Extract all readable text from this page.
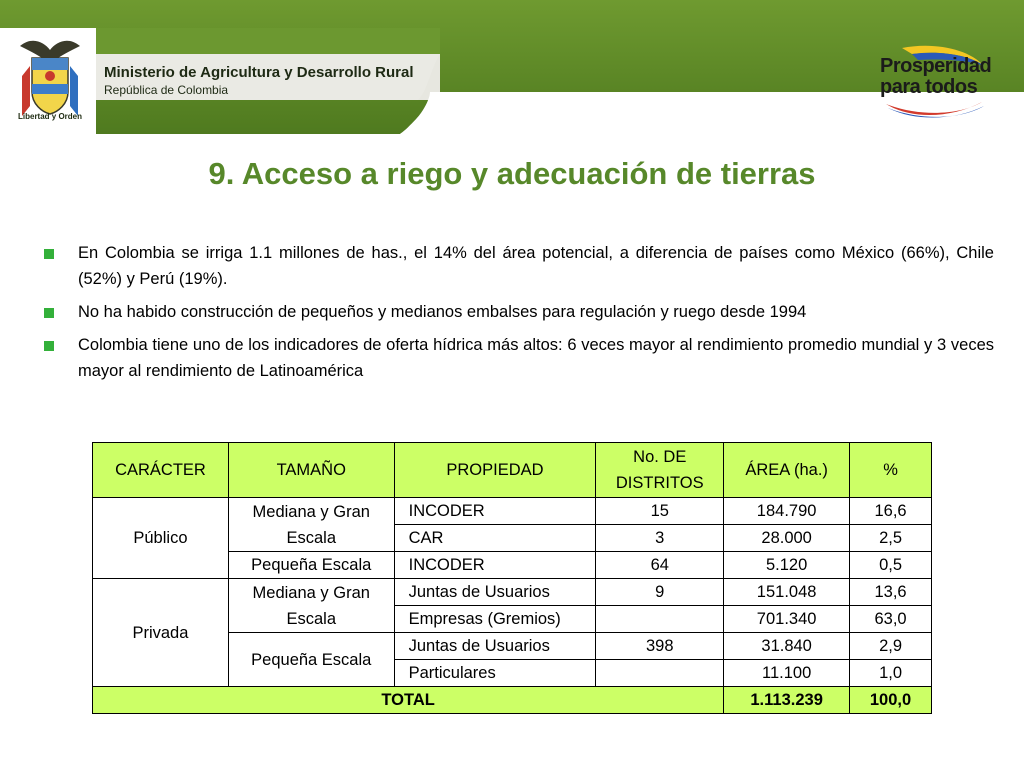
Libertad y Orden
Ministerio de Agricultura y Desarrollo Rural
República de Colombia
Prosperidad
para todos
9. Acceso a riego y adecuación de tierras
En Colombia se irriga 1.1 millones de has., el 14% del área potencial, a diferencia de países como México (66%), Chile (52%) y Perú (19%).
No ha habido construcción de pequeños y medianos embalses para regulación y ruego desde 1994
Colombia tiene uno de los indicadores de oferta hídrica más altos: 6 veces mayor al rendimiento promedio mundial y 3 veces mayor al rendimiento de Latinoamérica
CARÁCTER	TAMAÑO	PROPIEDAD	No. DE DISTRITOS	ÁREA (ha.)	%
Público	Mediana y Gran Escala	INCODER	15	184.790	16,6
		CAR	3	28.000	2,5
	Pequeña Escala	INCODER	64	5.120	0,5
Privada	Mediana y Gran Escala	Juntas de Usuarios	9	151.048	13,6
		Empresas (Gremios)		701.340	63,0
	Pequeña Escala	Juntas de Usuarios	398	31.840	2,9
		Particulares		11.100	1,0
TOTAL				1.113.239	100,0
